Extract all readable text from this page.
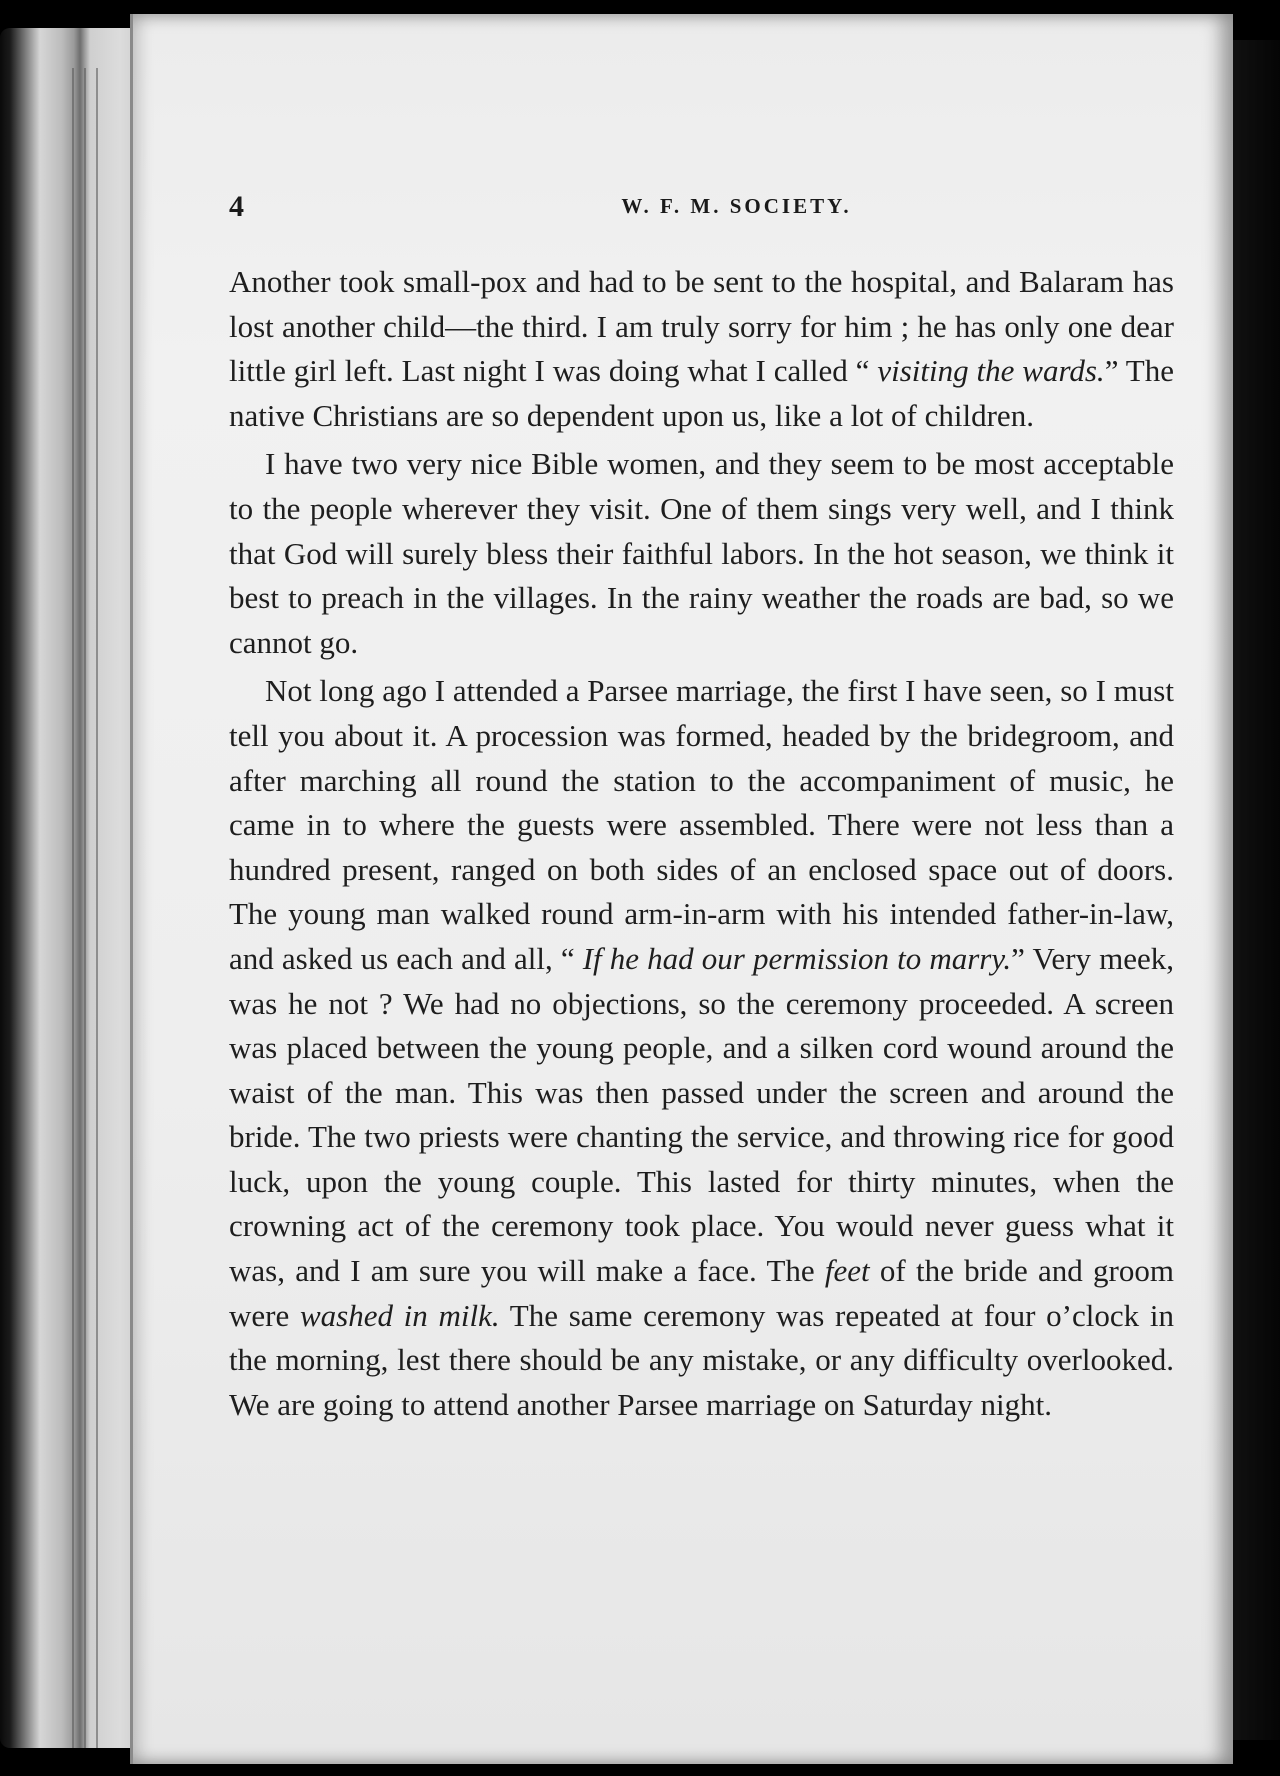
4	W. F. M. SOCIETY.

Another took small-pox and had to be sent to the hospital, and Balaram has lost another child—the third. I am truly sorry for him ; he has only one dear little girl left. Last night I was doing what I called “ visiting the wards.” The native Christians are so dependent upon us, like a lot of children.

I have two very nice Bible women, and they seem to be most acceptable to the people wherever they visit. One of them sings very well, and I think that God will surely bless their faithful labors. In the hot season, we think it best to preach in the villages. In the rainy weather the roads are bad, so we cannot go.

Not long ago I attended a Parsee marriage, the first I have seen, so I must tell you about it. A procession was formed, headed by the bridegroom, and after marching all round the station to the accompaniment of music, he came in to where the guests were assembled. There were not less than a hundred present, ranged on both sides of an enclosed space out of doors. The young man walked round arm-in-arm with his intended father-in-law, and asked us each and all, “ If he had our permission to marry.” Very meek, was he not ? We had no objections, so the ceremony proceeded. A screen was placed between the young people, and a silken cord wound around the waist of the man. This was then passed under the screen and around the bride. The two priests were chanting the service, and throwing rice for good luck, upon the young couple. This lasted for thirty minutes, when the crowning act of the ceremony took place. You would never guess what it was, and I am sure you will make a face. The feet of the bride and groom were washed in milk. The same ceremony was repeated at four o’clock in the morning, lest there should be any mistake, or any difficulty overlooked. We are going to attend another Parsee marriage on Saturday night.
